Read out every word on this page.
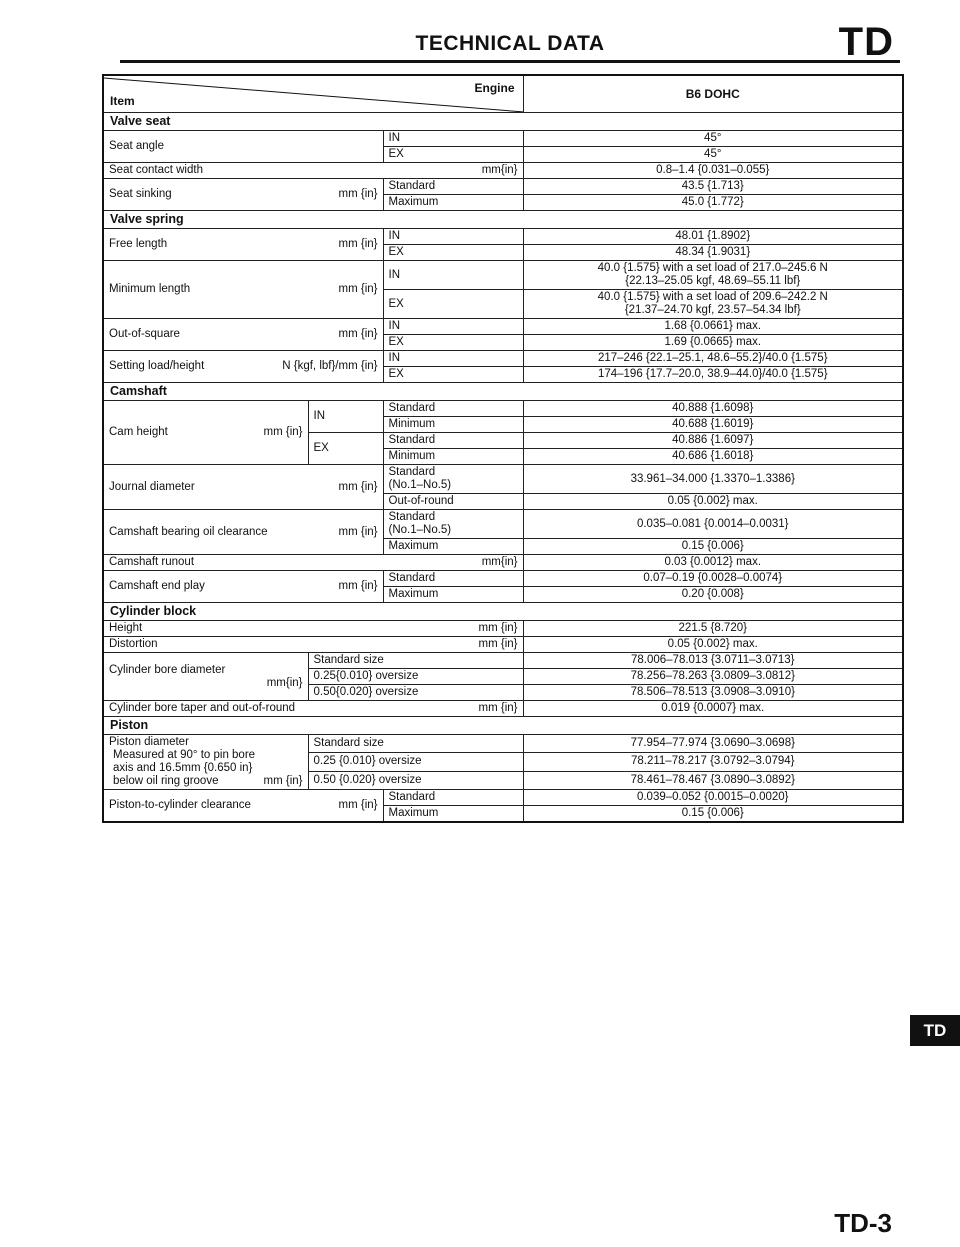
TECHNICAL DATA	TD
Engine
Item			B6 DOHC
Valve seat			
Seat angle		IN	45°
		EX	45°

Seat contact width mm{in}			0.8–1.4 {0.031–0.055}

Seat sinking mm {in}		Standard	43.5 {1.713}
		Maximum	45.0 {1.772}
Valve spring			

Free length mm {in}		IN	48.01 {1.8902}
		EX	48.34 {1.9031}

Minimum length mm {in}		IN	40.0 {1.575} with a set load of 217.0–245.6 N
{22.13–25.05 kgf, 48.69–55.11 lbf}
		EX	40.0 {1.575} with a set load of 209.6–242.2 N
{21.37–24.70 kgf, 23.57–54.34 lbf}

Out-of-square mm {in}		IN	1.68 {0.0661} max.
		EX	1.69 {0.0665} max.

Setting load/height N {kgf, lbf}/mm {in}		IN	217–246 {22.1–25.1, 48.6–55.2}/40.0 {1.575}
		EX	174–196 {17.7–20.0, 38.9–44.0}/40.0 {1.575}
Camshaft			

Cam height mm {in}	IN	Standard	40.888 {1.6098}
		Minimum	40.688 {1.6019}
	EX	Standard	40.886 {1.6097}
		Minimum	40.686 {1.6018}

Journal diameter mm {in}		Standard
(No.1–No.5)	33.961–34.000 {1.3370–1.3386}
		Out-of-round	0.05 {0.002} max.

Camshaft bearing oil clearance mm {in}		Standard
(No.1–No.5)	0.035–0.081 {0.0014–0.0031}
		Maximum	0.15 {0.006}

Camshaft runout mm{in}			0.03 {0.0012} max.

Camshaft end play mm {in}		Standard	0.07–0.19 {0.0028–0.0074}
		Maximum	0.20 {0.008}
Cylinder block			

Height mm {in}			221.5 {8.720}

Distortion mm {in}			0.05 {0.002} max.

Cylinder bore diameter
mm{in}	Standard size		78.006–78.013 {3.0711–3.0713}
	0.25{0.010} oversize		78.256–78.263 {3.0809–3.0812}
	0.50{0.020} oversize		78.506–78.513 {3.0908–3.0910}

Cylinder bore taper and out-of-round mm {in}			0.019 {0.0007} max.
Piston			

Piston diameter
Measured at 90° to pin bore
axis and 16.5mm {0.650 in}
below oil ring groove mm {in}	Standard size		77.954–77.974 {3.0690–3.0698}
	0.25 {0.010} oversize		78.211–78.217 {3.0792–3.0794}
	0.50 {0.020} oversize		78.461–78.467 {3.0890–3.0892}

Piston-to-cylinder clearance mm {in}		Standard	0.039–0.052 {0.0015–0.0020}
		Maximum	0.15 {0.006}
TD
TD-3
